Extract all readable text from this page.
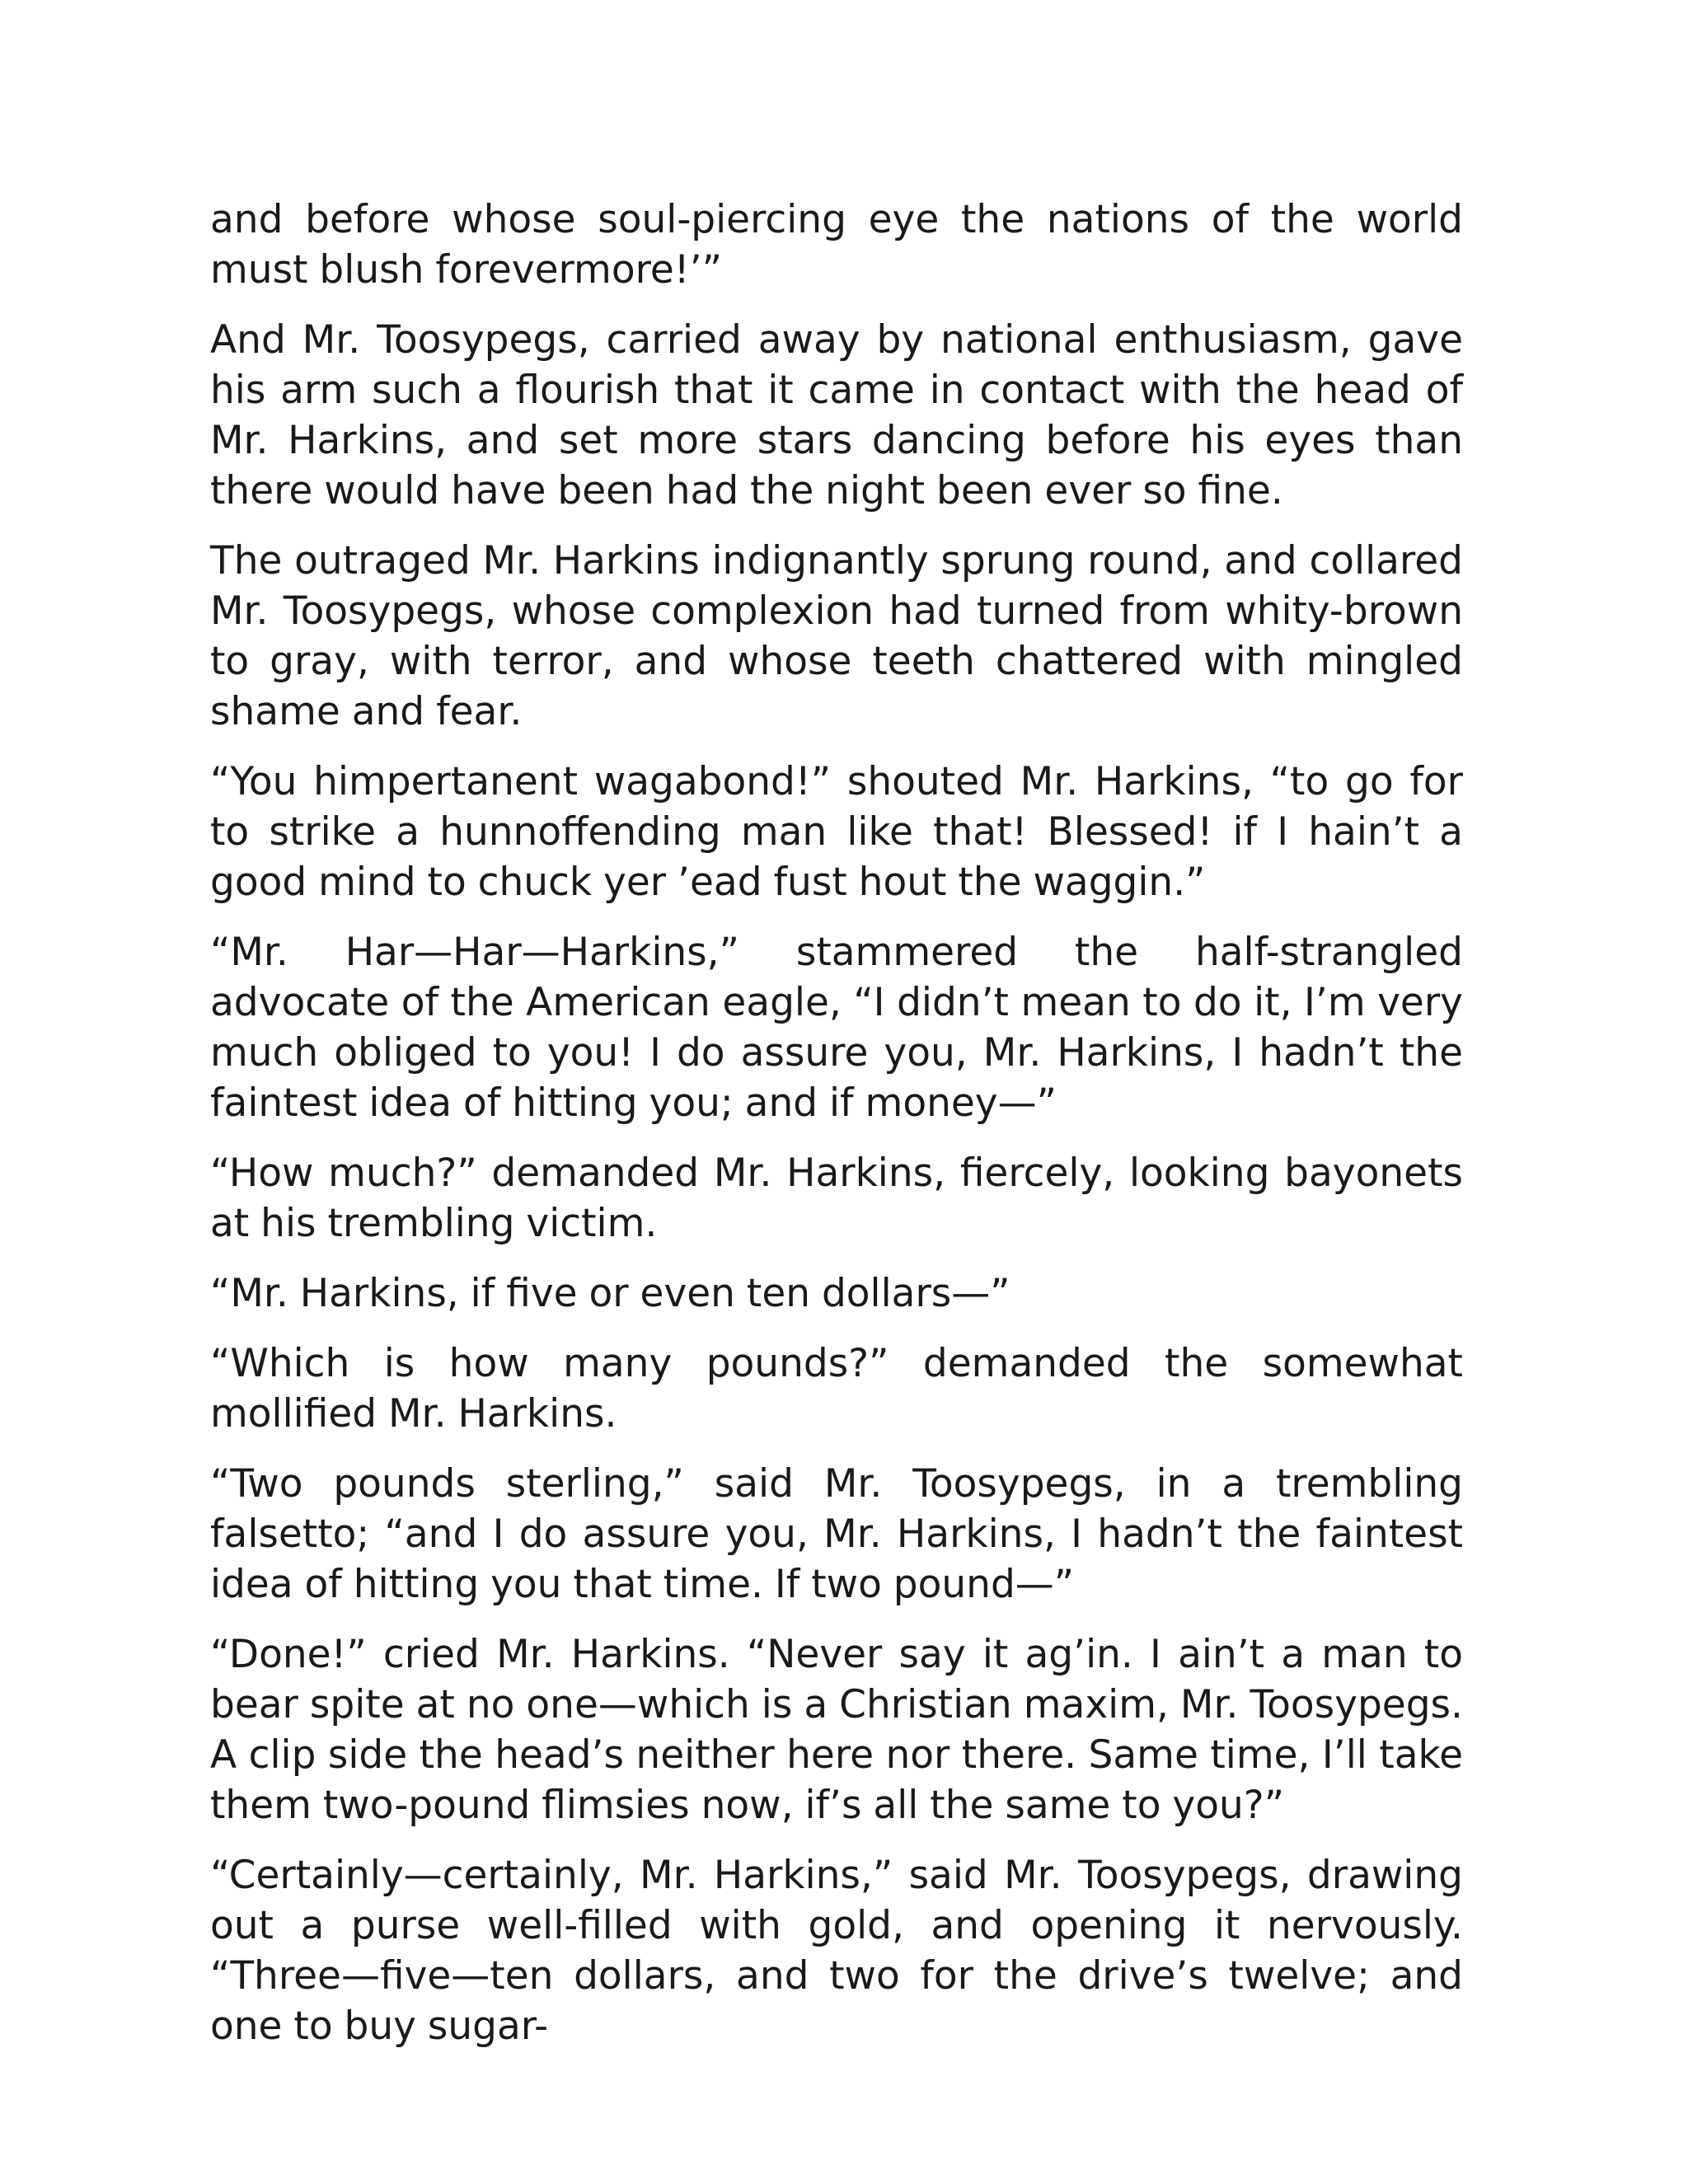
and before whose soul-piercing eye the nations of the world must blush forevermore!’”

And Mr. Toosypegs, carried away by national enthusiasm, gave his arm such a flourish that it came in contact with the head of Mr. Harkins, and set more stars dancing before his eyes than there would have been had the night been ever so fine.

The outraged Mr. Harkins indignantly sprung round, and collared Mr. Toosypegs, whose complexion had turned from whity-brown to gray, with terror, and whose teeth chattered with mingled shame and fear.

“You himpertanent wagabond!” shouted Mr. Harkins, “to go for to strike a hunnoffending man like that! Blessed! if I hain’t a good mind to chuck yer ’ead fust hout the waggin.”

“Mr. Har—Har—Harkins,” stammered the half-strangled advocate of the American eagle, “I didn’t mean to do it, I’m very much obliged to you! I do assure you, Mr. Harkins, I hadn’t the faintest idea of hitting you; and if money—”

“How much?” demanded Mr. Harkins, fiercely, looking bayonets at his trembling victim.

“Mr. Harkins, if five or even ten dollars—”

“Which is how many pounds?” demanded the somewhat mollified Mr. Harkins.

“Two pounds sterling,” said Mr. Toosypegs, in a trembling falsetto; “and I do assure you, Mr. Harkins, I hadn’t the faintest idea of hitting you that time. If two pound—”

“Done!” cried Mr. Harkins. “Never say it ag’in. I ain’t a man to bear spite at no one—which is a Christian maxim, Mr. Toosypegs. A clip side the head’s neither here nor there. Same time, I’ll take them two-pound flimsies now, if’s all the same to you?”

“Certainly—certainly, Mr. Harkins,” said Mr. Toosypegs, drawing out a purse well-filled with gold, and opening it nervously. “Three—five—ten dollars, and two for the drive’s twelve; and one to buy sugar-
